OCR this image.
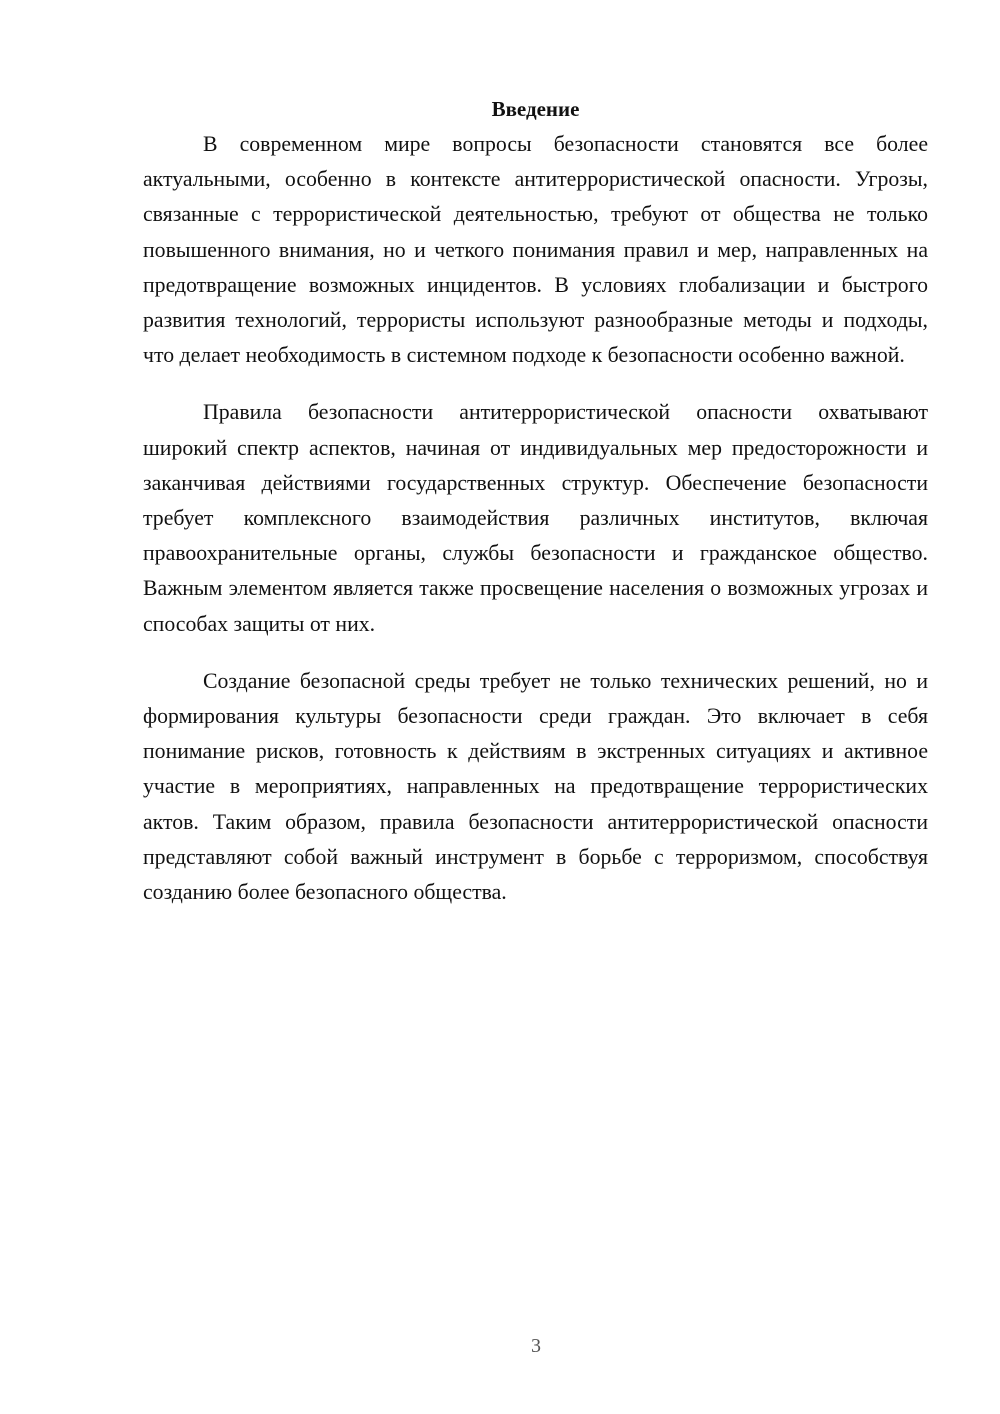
Введение

В современном мире вопросы безопасности становятся все более актуальными, особенно в контексте антитеррористической опасности. Угрозы, связанные с террористической деятельностью, требуют от общества не только повышенного внимания, но и четкого понимания правил и мер, направленных на предотвращение возможных инцидентов. В условиях глобализации и быстрого развития технологий, террористы используют разнообразные методы и подходы, что делает необходимость в системном подходе к безопасности особенно важной.

Правила безопасности антитеррористической опасности охватывают широкий спектр аспектов, начиная от индивидуальных мер предосторожности и заканчивая действиями государственных структур. Обеспечение безопасности требует комплексного взаимодействия различных институтов, включая правоохранительные органы, службы безопасности и гражданское общество. Важным элементом является также просвещение населения о возможных угрозах и способах защиты от них.

Создание безопасной среды требует не только технических решений, но и формирования культуры безопасности среди граждан. Это включает в себя понимание рисков, готовность к действиям в экстренных ситуациях и активное участие в мероприятиях, направленных на предотвращение террористических актов. Таким образом, правила безопасности антитеррористической опасности представляют собой важный инструмент в борьбе с терроризмом, способствуя созданию более безопасного общества.

3
